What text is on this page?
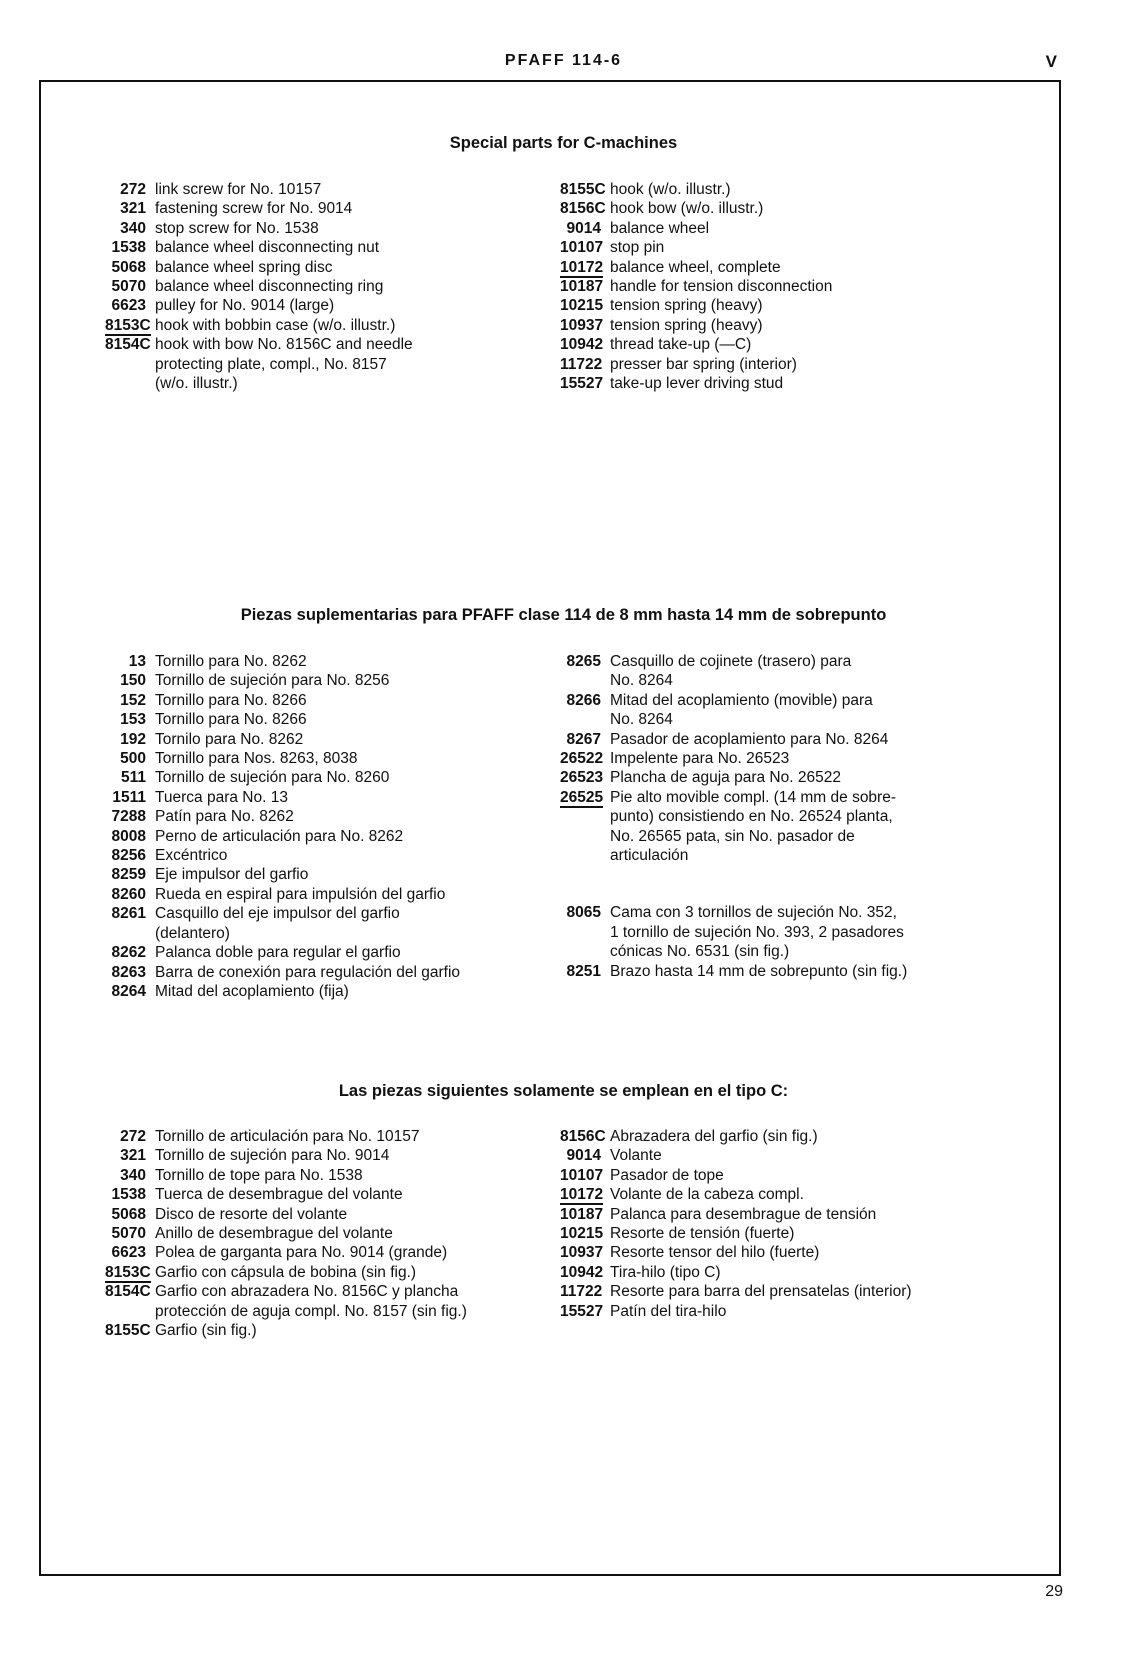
PFAFF 114-6	V
Special parts for C-machines
272 link screw for No. 10157
321 fastening screw for No. 9014
340 stop screw for No. 1538
1538 balance wheel disconnecting nut
5068 balance wheel spring disc
5070 balance wheel disconnecting ring
6623 pulley for No. 9014 (large)
8153C hook with bobbin case (w/o. illustr.)
8154C hook with bow No. 8156C and needle
protecting plate, compl., No. 8157
(w/o. illustr.)
8155C hook (w/o. illustr.)
8156C hook bow (w/o. illustr.)
9014 balance wheel
10107 stop pin
10172 balance wheel, complete
10187 handle for tension disconnection
10215 tension spring (heavy)
10937 tension spring (heavy)
10942 thread take-up (—C)
11722 presser bar spring (interior)
15527 take-up lever driving stud
Piezas suplementarias para PFAFF clase 114 de 8 mm hasta 14 mm de sobrepunto
13 Tornillo para No. 8262
150 Tornillo de sujeción para No. 8256
152 Tornillo para No. 8266
153 Tornillo para No. 8266
192 Tornilo para No. 8262
500 Tornillo para Nos. 8263, 8038
511 Tornillo de sujeción para No. 8260
1511 Tuerca para No. 13
7288 Patín para No. 8262
8008 Perno de articulación para No. 8262
8256 Excéntrico
8259 Eje impulsor del garfio
8260 Rueda en espiral para impulsión del garfio
8261 Casquillo del eje impulsor del garfio
(delantero)
8262 Palanca doble para regular el garfio
8263 Barra de conexión para regulación del garfio
8264 Mitad del acoplamiento (fija)
8265 Casquillo de cojinete (trasero) para
No. 8264
8266 Mitad del acoplamiento (movible) para
No. 8264
8267 Pasador de acoplamiento para No. 8264
26522 Impelente para No. 26523
26523 Plancha de aguja para No. 26522
26525 Pie alto movible compl. (14 mm de sobre-
punto) consistiendo en No. 26524 planta,
No. 26565 pata, sin No. pasador de
articulación
8065 Cama con 3 tornillos de sujeción No. 352,
1 tornillo de sujeción No. 393, 2 pasadores
cónicas No. 6531 (sin fig.)
8251 Brazo hasta 14 mm de sobrepunto (sin fig.)
Las piezas siguientes solamente se emplean en el tipo C:
272 Tornillo de articulación para No. 10157
321 Tornillo de sujeción para No. 9014
340 Tornillo de tope para No. 1538
1538 Tuerca de desembrague del volante
5068 Disco de resorte del volante
5070 Anillo de desembrague del volante
6623 Polea de garganta para No. 9014 (grande)
8153C Garfio con cápsula de bobina (sin fig.)
8154C Garfio con abrazadera No. 8156C y plancha
protección de aguja compl. No. 8157 (sin fig.)
8155C Garfio (sin fig.)
8156C Abrazadera del garfio (sin fig.)
9014 Volante
10107 Pasador de tope
10172 Volante de la cabeza compl.
10187 Palanca para desembrague de tensión
10215 Resorte de tensión (fuerte)
10937 Resorte tensor del hilo (fuerte)
10942 Tira-hilo (tipo C)
11722 Resorte para barra del prensatelas (interior)
15527 Patín del tira-hilo
29
